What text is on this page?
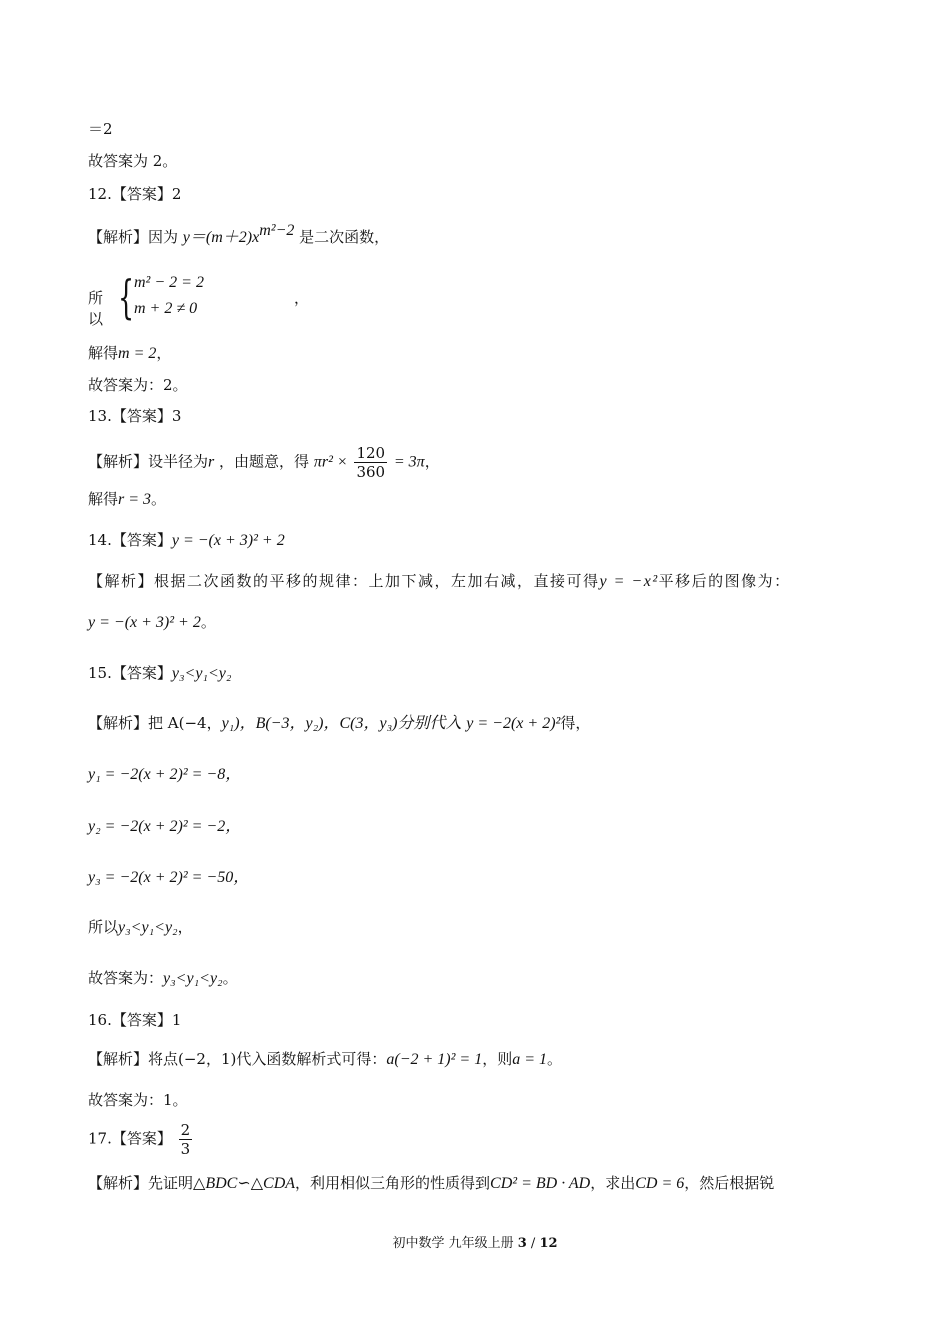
＝2
故答案为 2。
12.【答案】2
【解析】因为 $y=(m+2)x^{m^2-2}$ 是二次函数，
所以 { m² − 2 = 2
m + 2 ≠ 0
，
解得m = 2，
故答案为：2。
13.【答案】3
【解析】设半径为r ，由题意，得 $\pi r^2 \times \frac{120}{360} = 3\pi$，
解得r = 3。
14.【答案】y = −(x + 3)² + 2
【解析】根据二次函数的平移的规律：上加下减，左加右减，直接可得y = −x²平移后的图像为：
y = −(x + 3)² + 2。
15.【答案】y₃<y₁<y₂
【解析】把 A(−4，y₁)，B(−3，y₂)，C(3，y₃)分别代入 y = −2(x + 2)²得，
y₁ = −2(x + 2)² = −8，
y₂ = −2(x + 2)² = −2，
y₃ = −2(x + 2)² = −50，
所以y₃<y₁<y₂，
故答案为：y₃<y₁<y₂。
16.【答案】1
【解析】将点(−2，1)代入函数解析式可得：a(−2 + 1)² = 1，则a = 1。
故答案为：1。
17.【答案】 $\frac{2}{3}$
【解析】先证明△BDC∽△CDA，利用相似三角形的性质得到CD² = BD · AD，求出CD = 6，然后根据锐
初中数学 九年级上册 3 / 12
